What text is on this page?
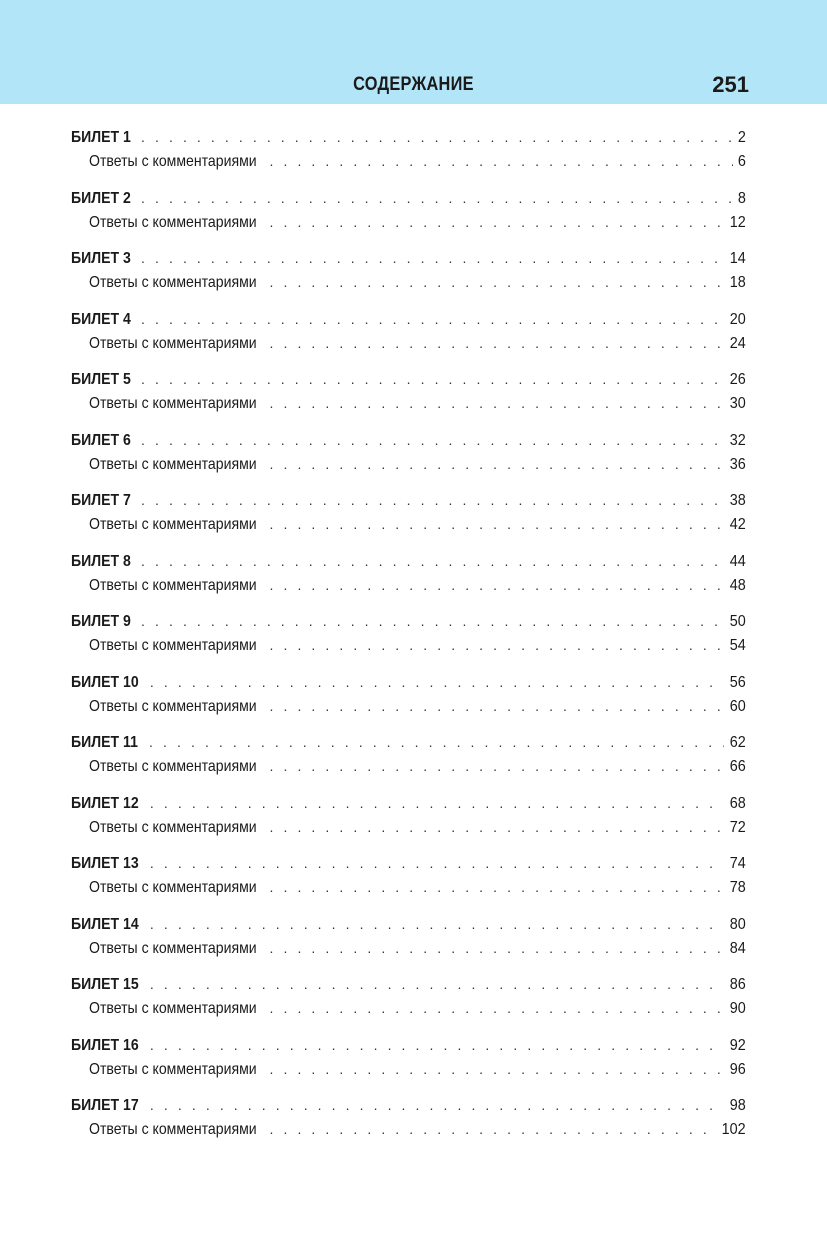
СОДЕРЖАНИЕ	251
БИЛЕТ 1 . . .	2
Ответы с комментариями . . .	6
БИЛЕТ 2 . . .	8
Ответы с комментариями . . .	12
БИЛЕТ 3 . . .	14
Ответы с комментариями . . .	18
БИЛЕТ 4 . . .	20
Ответы с комментариями . . .	24
БИЛЕТ 5 . . .	26
Ответы с комментариями . . .	30
БИЛЕТ 6 . . .	32
Ответы с комментариями . . .	36
БИЛЕТ 7 . . .	38
Ответы с комментариями . . .	42
БИЛЕТ 8 . . .	44
Ответы с комментариями . . .	48
БИЛЕТ 9 . . .	50
Ответы с комментариями . . .	54
БИЛЕТ 10 . . .	56
Ответы с комментариями . . .	60
БИЛЕТ 11 . . .	62
Ответы с комментариями . . .	66
БИЛЕТ 12 . . .	68
Ответы с комментариями . . .	72
БИЛЕТ 13 . . .	74
Ответы с комментариями . . .	78
БИЛЕТ 14 . . .	80
Ответы с комментариями . . .	84
БИЛЕТ 15 . . .	86
Ответы с комментариями . . .	90
БИЛЕТ 16 . . .	92
Ответы с комментариями . . .	96
БИЛЕТ 17 . . .	98
Ответы с комментариями . . .	102
